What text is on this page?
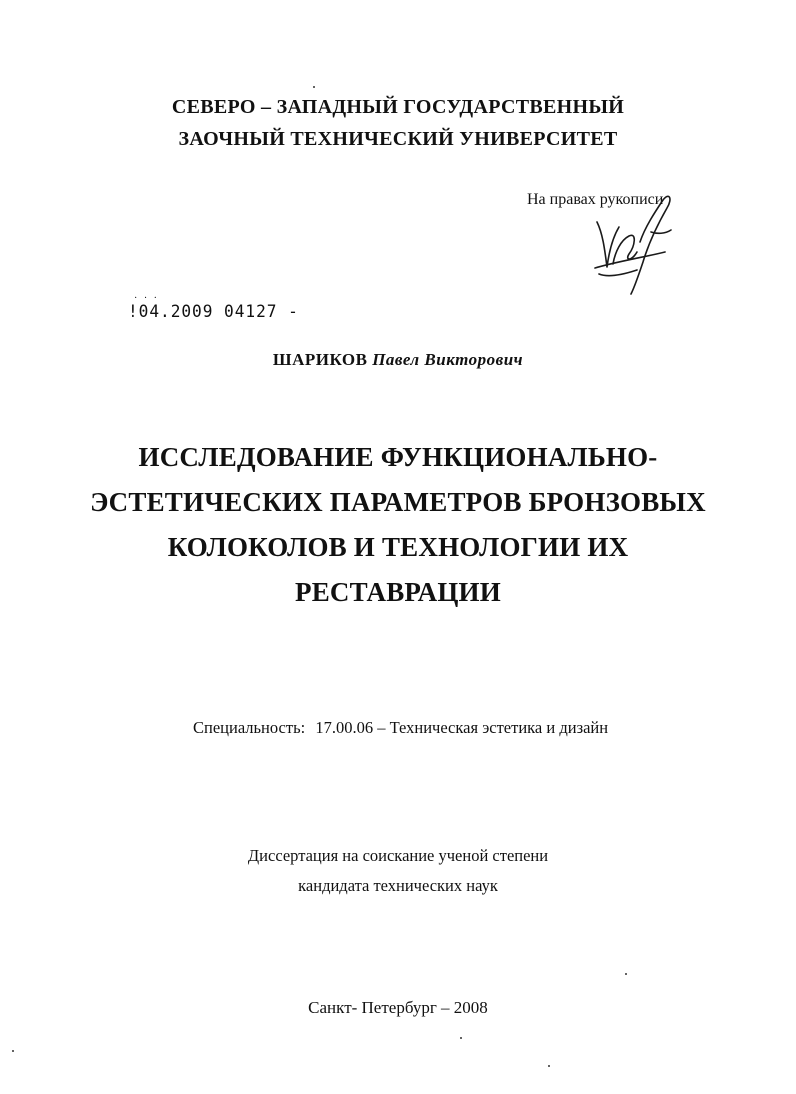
СЕВЕРО – ЗАПАДНЫЙ ГОСУДАРСТВЕННЫЙ
ЗАОЧНЫЙ ТЕХНИЧЕСКИЙ УНИВЕРСИТЕТ
На правах рукописи
· · ·
!04.2009 04127 -
ШАРИКОВ Павел Викторович
ИССЛЕДОВАНИЕ ФУНКЦИОНАЛЬНО-
ЭСТЕТИЧЕСКИХ ПАРАМЕТРОВ БРОНЗОВЫХ
КОЛОКОЛОВ И ТЕХНОЛОГИИ ИХ
РЕСТАВРАЦИИ
Специальность: 17.00.06 – Техническая эстетика и дизайн
Диссертация на соискание ученой степени
кандидата технических наук
Санкт- Петербург – 2008
